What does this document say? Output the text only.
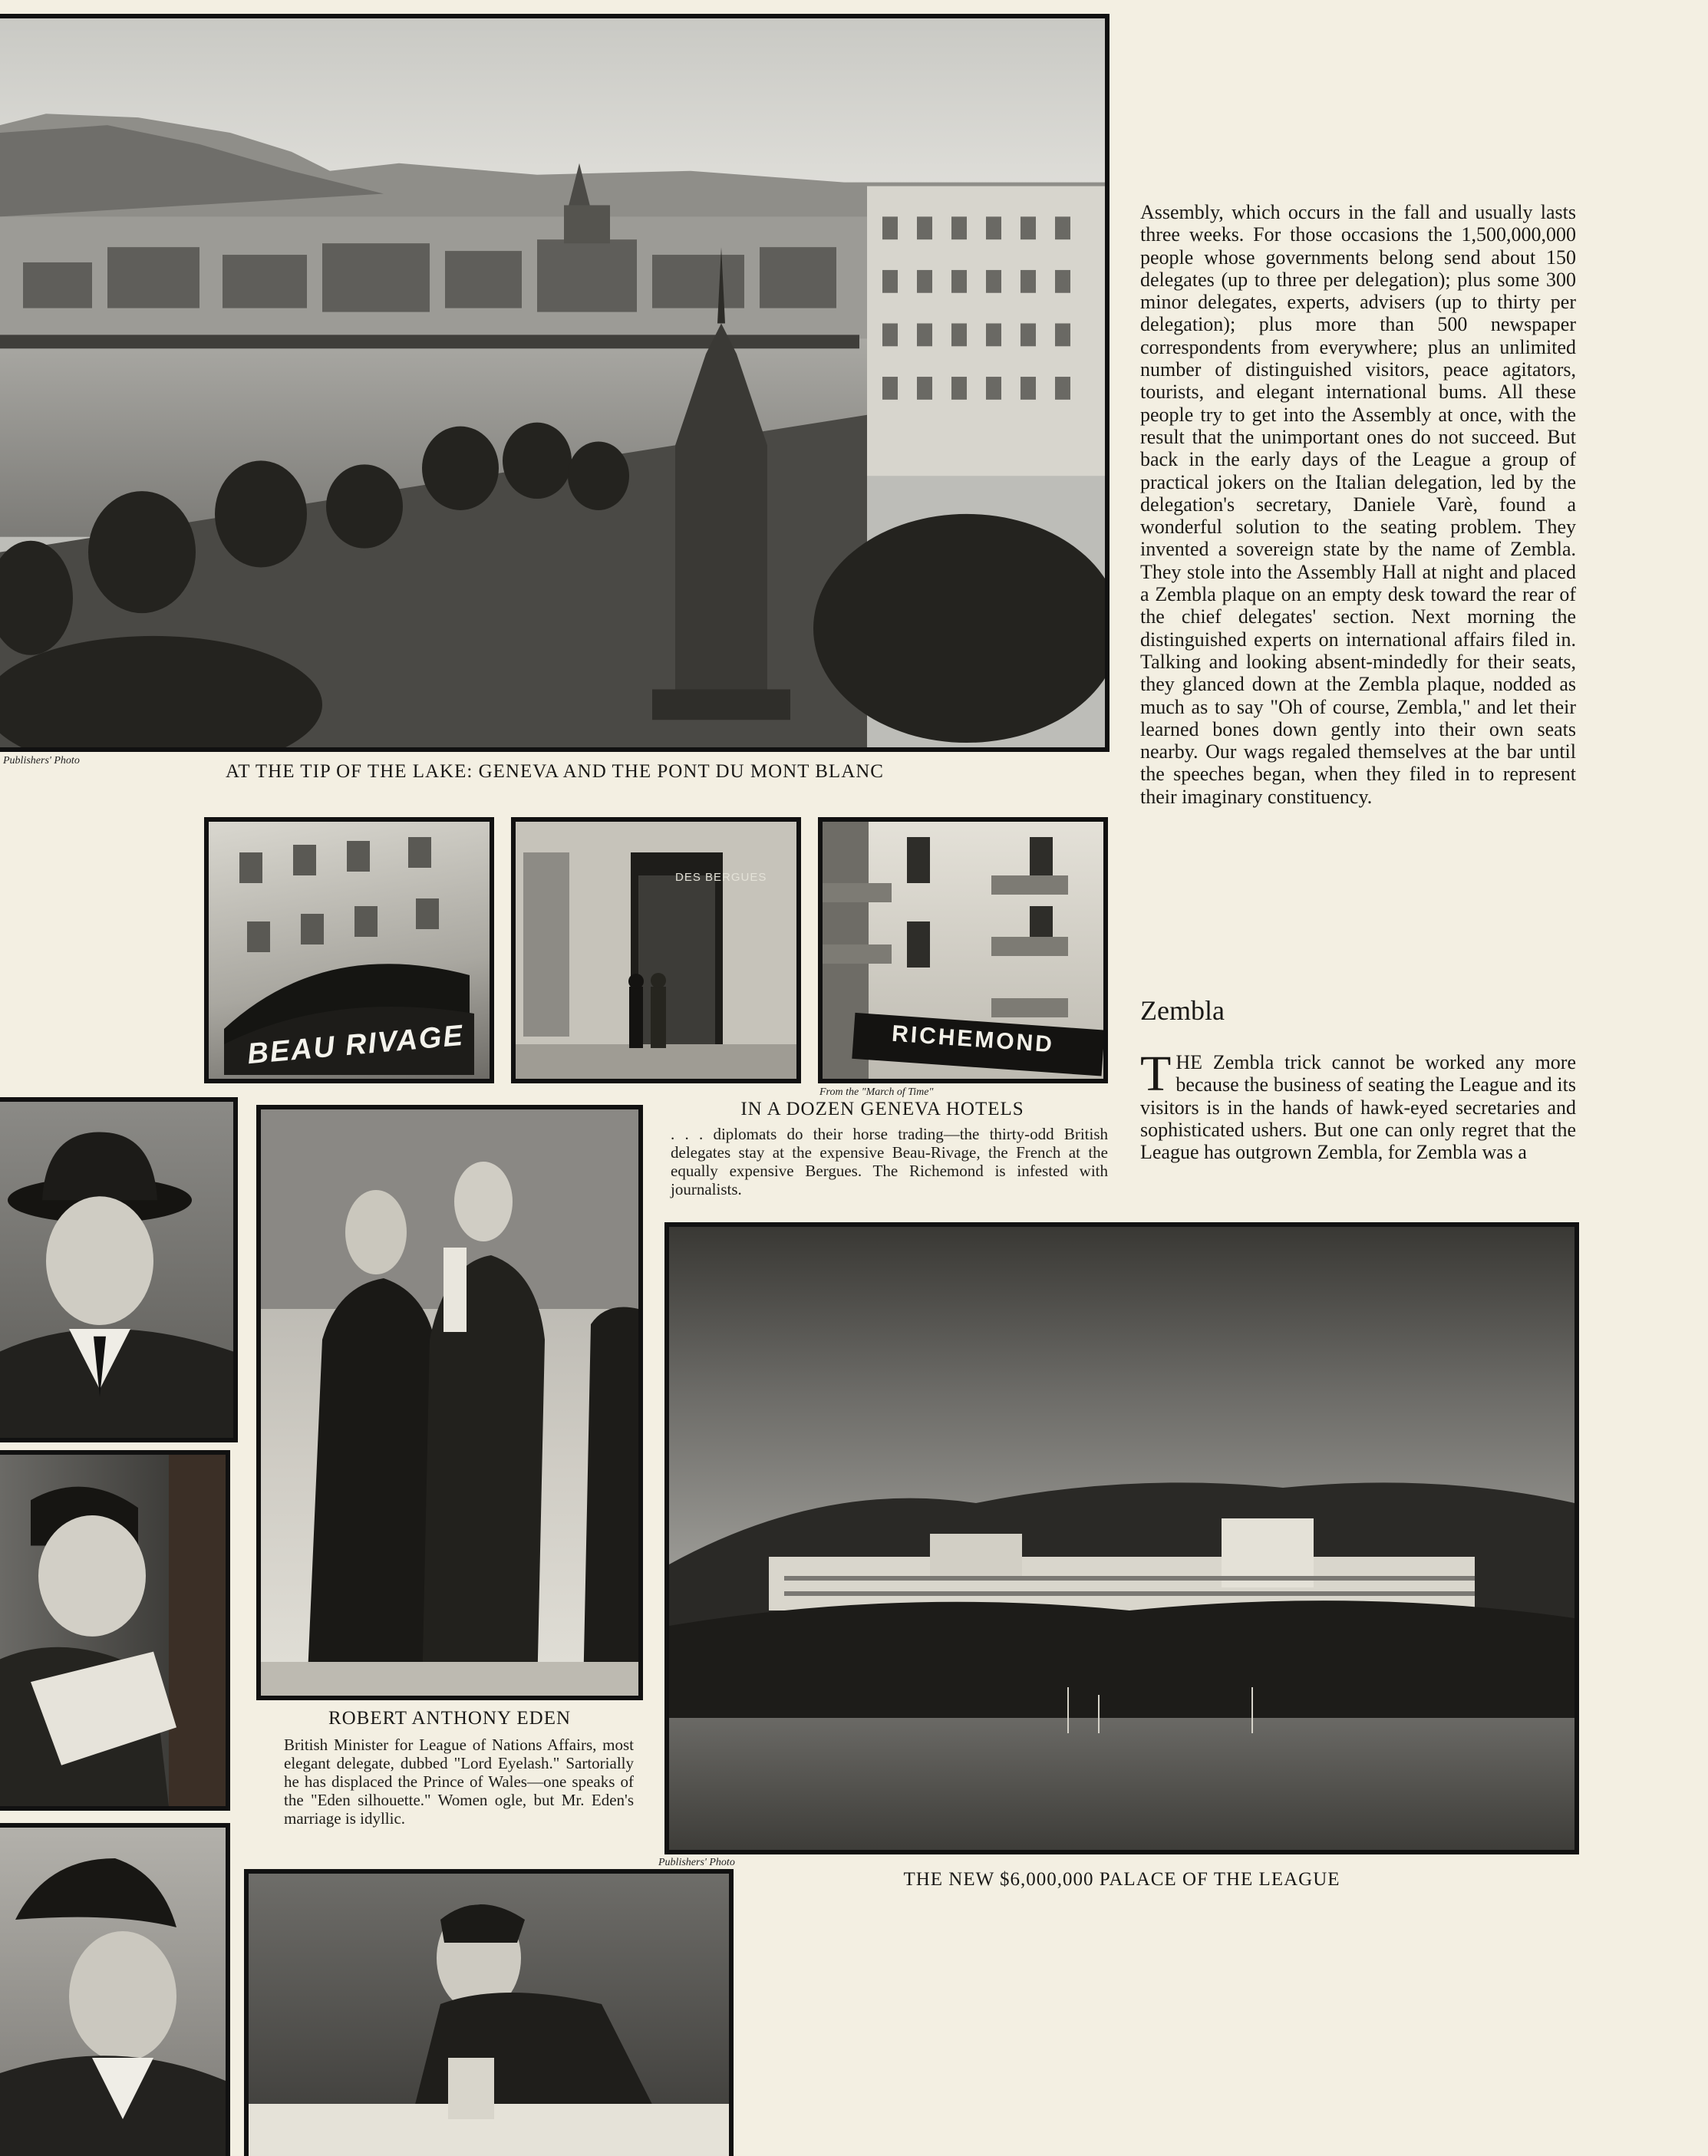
Publishers' Photo
AT THE TIP OF THE LAKE: GENEVA AND THE PONT DU MONT BLANC
BEAU RIVAGE
DES BERGUES
RICHEMOND
From the "March of Time"
IN A DOZEN GENEVA HOTELS
. . . diplomats do their horse trading—the thirty-odd British delegates stay at the expensive Beau-Rivage, the French at the equally expensive Bergues. The Richemond is infested with journalists.
ROBERT ANTHONY EDEN
British Minister for League of Nations Affairs, most elegant delegate, dubbed "Lord Eyelash." Sartorially he has displaced the Prince of Wales—one speaks of the "Eden silhouette." Women ogle, but Mr. Eden's marriage is idyllic.
Publishers' Photo
THE NEW $6,000,000 PALACE OF THE LEAGUE

Assembly, which occurs in the fall and usually lasts three weeks. For those occasions the 1,500,000,000 people whose governments belong send about 150 delegates (up to three per delegation); plus some 300 minor delegates, experts, advisers (up to thirty per delegation); plus more than 500 newspaper correspondents from everywhere; plus an unlimited number of distinguished visitors, peace agitators, tourists, and elegant international bums. All these people try to get into the Assembly at once, with the result that the unimportant ones do not succeed. But back in the early days of the League a group of practical jokers on the Italian delegation, led by the delegation's secretary, Daniele Varè, found a wonderful solution to the seating problem. They invented a sovereign state by the name of Zembla. They stole into the Assembly Hall at night and placed a Zembla plaque on an empty desk toward the rear of the chief delegates' section. Next morning the distinguished experts on international affairs filed in. Talking and looking absent-mindedly for their seats, they glanced down at the Zembla plaque, nodded as much as to say "Oh of course, Zembla," and let their learned bones down gently into their own seats nearby. Our wags regaled themselves at the bar until the speeches began, when they filed in to represent their imaginary constituency.

Zembla

THE Zembla trick cannot be worked any more because the business of seating the League and its visitors is in the hands of hawk-eyed secretaries and sophisticated ushers. But one can only regret that the League has outgrown Zembla, for Zembla was a
